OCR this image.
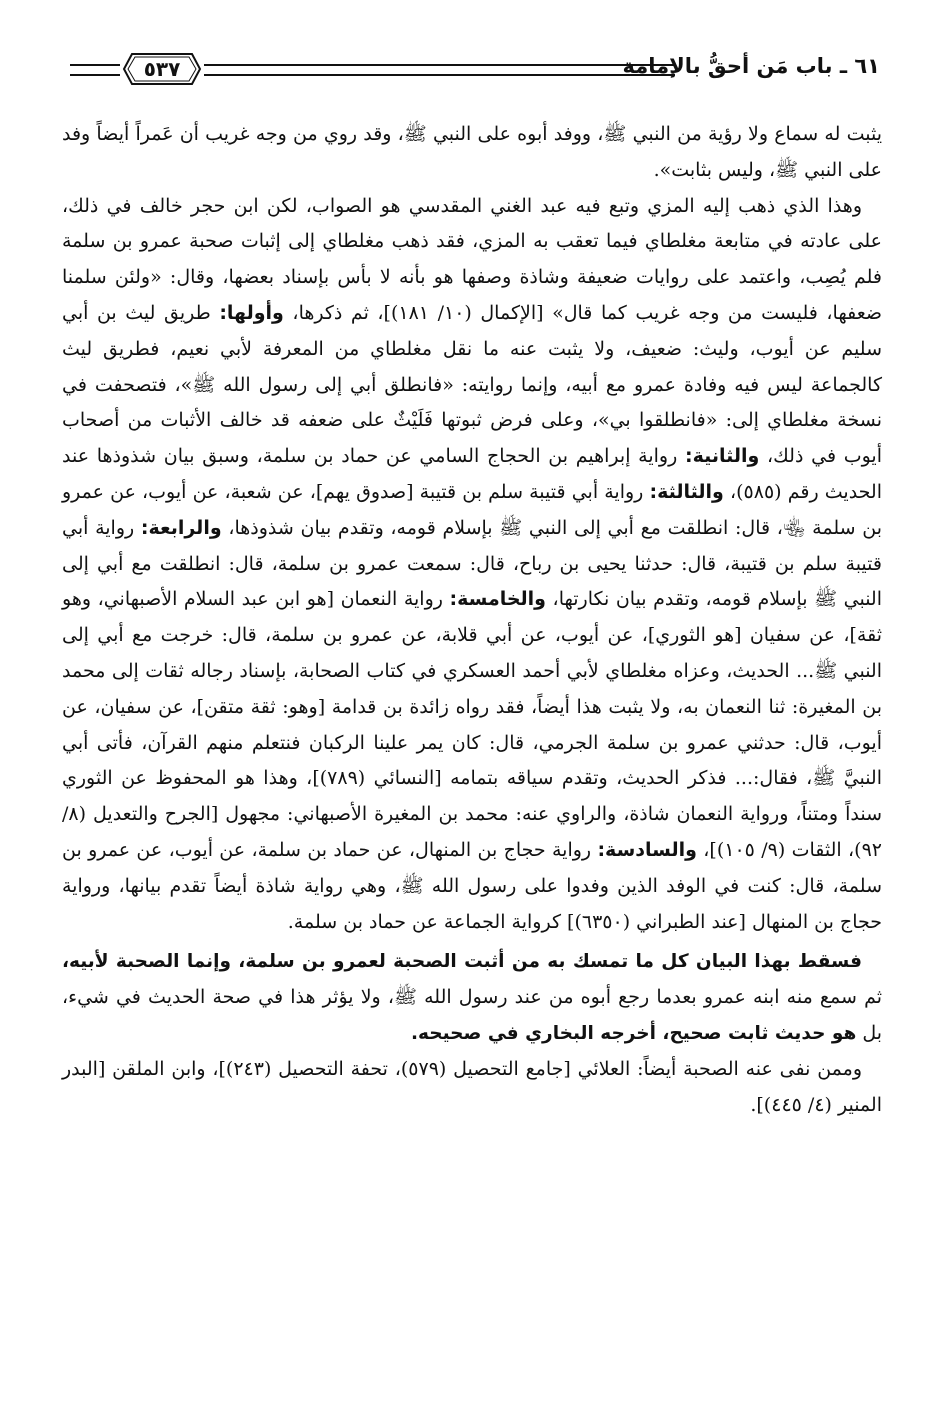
٥٣٧	٦١ ـ باب مَن أحقُّ بالإمامة

يثبت له سماع ولا رؤية من النبي ﷺ، ووفد أبوه على النبي ﷺ، وقد روي من وجه غريب أن عَمراً أيضاً وفد على النبي ﷺ، وليس بثابت».

وهذا الذي ذهب إليه المزي وتبع فيه عبد الغني المقدسي هو الصواب، لكن ابن حجر خالف في ذلك، على عادته في متابعة مغلطاي فيما تعقب به المزي، فقد ذهب مغلطاي إلى إثبات صحبة عمرو بن سلمة فلم يُصِب، واعتمد على روايات ضعيفة وشاذة وصفها هو بأنه لا بأس بإسناد بعضها، وقال: «ولئن سلمنا ضعفها، فليست من وجه غريب كما قال» [الإكمال (١٠/ ١٨١)]، ثم ذكرها، وأولها: طريق ليث بن أبي سليم عن أيوب، وليث: ضعيف، ولا يثبت عنه ما نقل مغلطاي من المعرفة لأبي نعيم، فطريق ليث كالجماعة ليس فيه وفادة عمرو مع أبيه، وإنما روايته: «فانطلق أبي إلى رسول الله ﷺ»، فتصحفت في نسخة مغلطاي إلى: «فانطلقوا بي»، وعلى فرض ثبوتها فَلَيْثٌ على ضعفه قد خالف الأثبات من أصحاب أيوب في ذلك، والثانية: رواية إبراهيم بن الحجاج السامي عن حماد بن سلمة، وسبق بيان شذوذها عند الحديث رقم (٥٨٥)، والثالثة: رواية أبي قتيبة سلم بن قتيبة [صدوق يهم]، عن شعبة، عن أيوب، عن عمرو بن سلمة ﵄، قال: انطلقت مع أبي إلى النبي ﷺ بإسلام قومه، وتقدم بيان شذوذها، والرابعة: رواية أبي قتيبة سلم بن قتيبة، قال: حدثنا يحيى بن رباح، قال: سمعت عمرو بن سلمة، قال: انطلقت مع أبي إلى النبي ﷺ بإسلام قومه، وتقدم بيان نكارتها، والخامسة: رواية النعمان [هو ابن عبد السلام الأصبهاني، وهو ثقة]، عن سفيان [هو الثوري]، عن أيوب، عن أبي قلابة، عن عمرو بن سلمة، قال: خرجت مع أبي إلى النبي ﷺ... الحديث، وعزاه مغلطاي لأبي أحمد العسكري في كتاب الصحابة، بإسناد رجاله ثقات إلى محمد بن المغيرة: ثنا النعمان به، ولا يثبت هذا أيضاً، فقد رواه زائدة بن قدامة [وهو: ثقة متقن]، عن سفيان، عن أيوب، قال: حدثني عمرو بن سلمة الجرمي، قال: كان يمر علينا الركبان فنتعلم منهم القرآن، فأتى أبي النبيَّ ﷺ، فقال:... فذكر الحديث، وتقدم سياقه بتمامه [النسائي (٧٨٩)]، وهذا هو المحفوظ عن الثوري سنداً ومتناً، ورواية النعمان شاذة، والراوي عنه: محمد بن المغيرة الأصبهاني: مجهول [الجرح والتعديل (٨/ ٩٢)، الثقات (٩/ ١٠٥)]، والسادسة: رواية حجاج بن المنهال، عن حماد بن سلمة، عن أيوب، عن عمرو بن سلمة، قال: كنت في الوفد الذين وفدوا على رسول الله ﷺ، وهي رواية شاذة أيضاً تقدم بيانها، ورواية حجاج بن المنهال [عند الطبراني (٦٣٥٠)] كرواية الجماعة عن حماد بن سلمة.

فسقط بهذا البيان كل ما تمسك به من أثبت الصحبة لعمرو بن سلمة، وإنما الصحبة لأبيه، ثم سمع منه ابنه عمرو بعدما رجع أبوه من عند رسول الله ﷺ، ولا يؤثر هذا في صحة الحديث في شيء، بل هو حديث ثابت صحيح، أخرجه البخاري في صحيحه.

وممن نفى عنه الصحبة أيضاً: العلائي [جامع التحصيل (٥٧٩)، تحفة التحصيل (٢٤٣)]، وابن الملقن [البدر المنير (٤/ ٤٤٥)].
